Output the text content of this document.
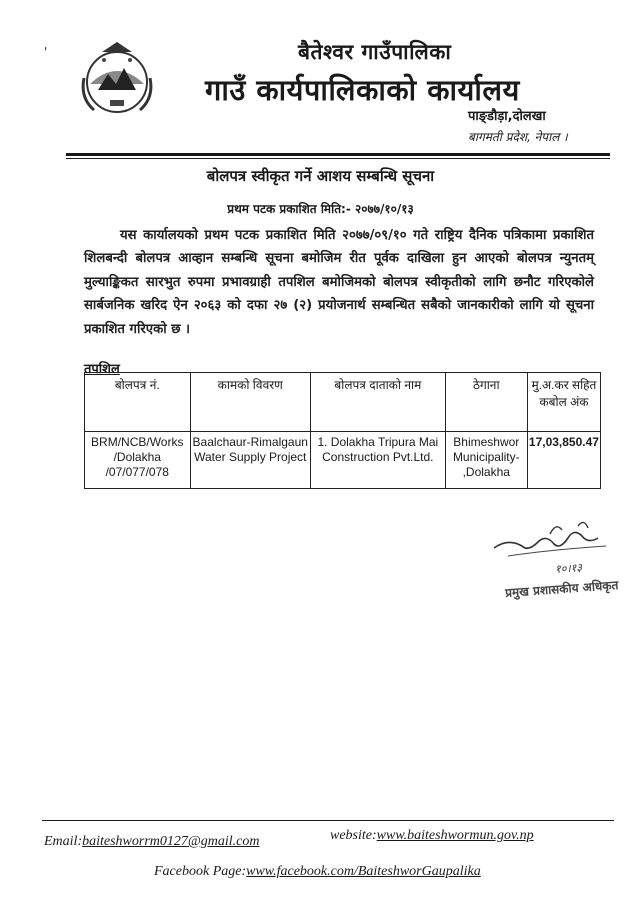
'	बैतेश्वर गाउँपालिका
गाउँ कार्यपालिकाको कार्यालय
पाङ्डौड़ा,दोलखा
बागमती प्रदेश, नेपाल ।
बोलपत्र स्वीकृत गर्ने आशय सम्बन्धि सूचना
प्रथम पटक प्रकाशित मिति:- २०७७/१०/१३
यस कार्यालयको प्रथम पटक प्रकाशित मिति २०७७/०९/१० गते राष्ट्रिय दैनिक पत्रिकामा प्रकाशित शिलबन्दी बोलपत्र आव्हान सम्बन्धि सूचना बमोजिम रीत पूर्वक दाखिला हुन आएको बोलपत्र न्युनतम् मुल्याङ्किकत सारभुत रुपमा प्रभावग्राही तपशिल बमोजिमको बोलपत्र स्वीकृतीको लागि छनौट गरिएकोले सार्बजनिक खरिद ऐन २०६३ को दफा २७ (२) प्रयोजनार्थ सम्बन्धित सबैको जानकारीको लागि यो सूचना प्रकाशित गरिएको छ ।
तपशिल
बोलपत्र नं.	कामको विवरण	बोलपत्र दाताको नाम	ठेगाना	मु.अ.कर सहित कबोल अंक
BRM/NCB/Works /Dolakha /07/077/078	Baalchaur-Rimalgaun Water Supply Project	1. Dolakha Tripura Mai Construction Pvt.Ltd.	Bhimeshwor Municipality- ,Dolakha	17,03,850.47
१०।१३
प्रमुख प्रशासकीय अधिकृत
Email:baiteshworrm0127@gmail.com	website:www.baiteshwormun.gov.np
Facebook Page:www.facebook.com/BaiteshworGaupalika
